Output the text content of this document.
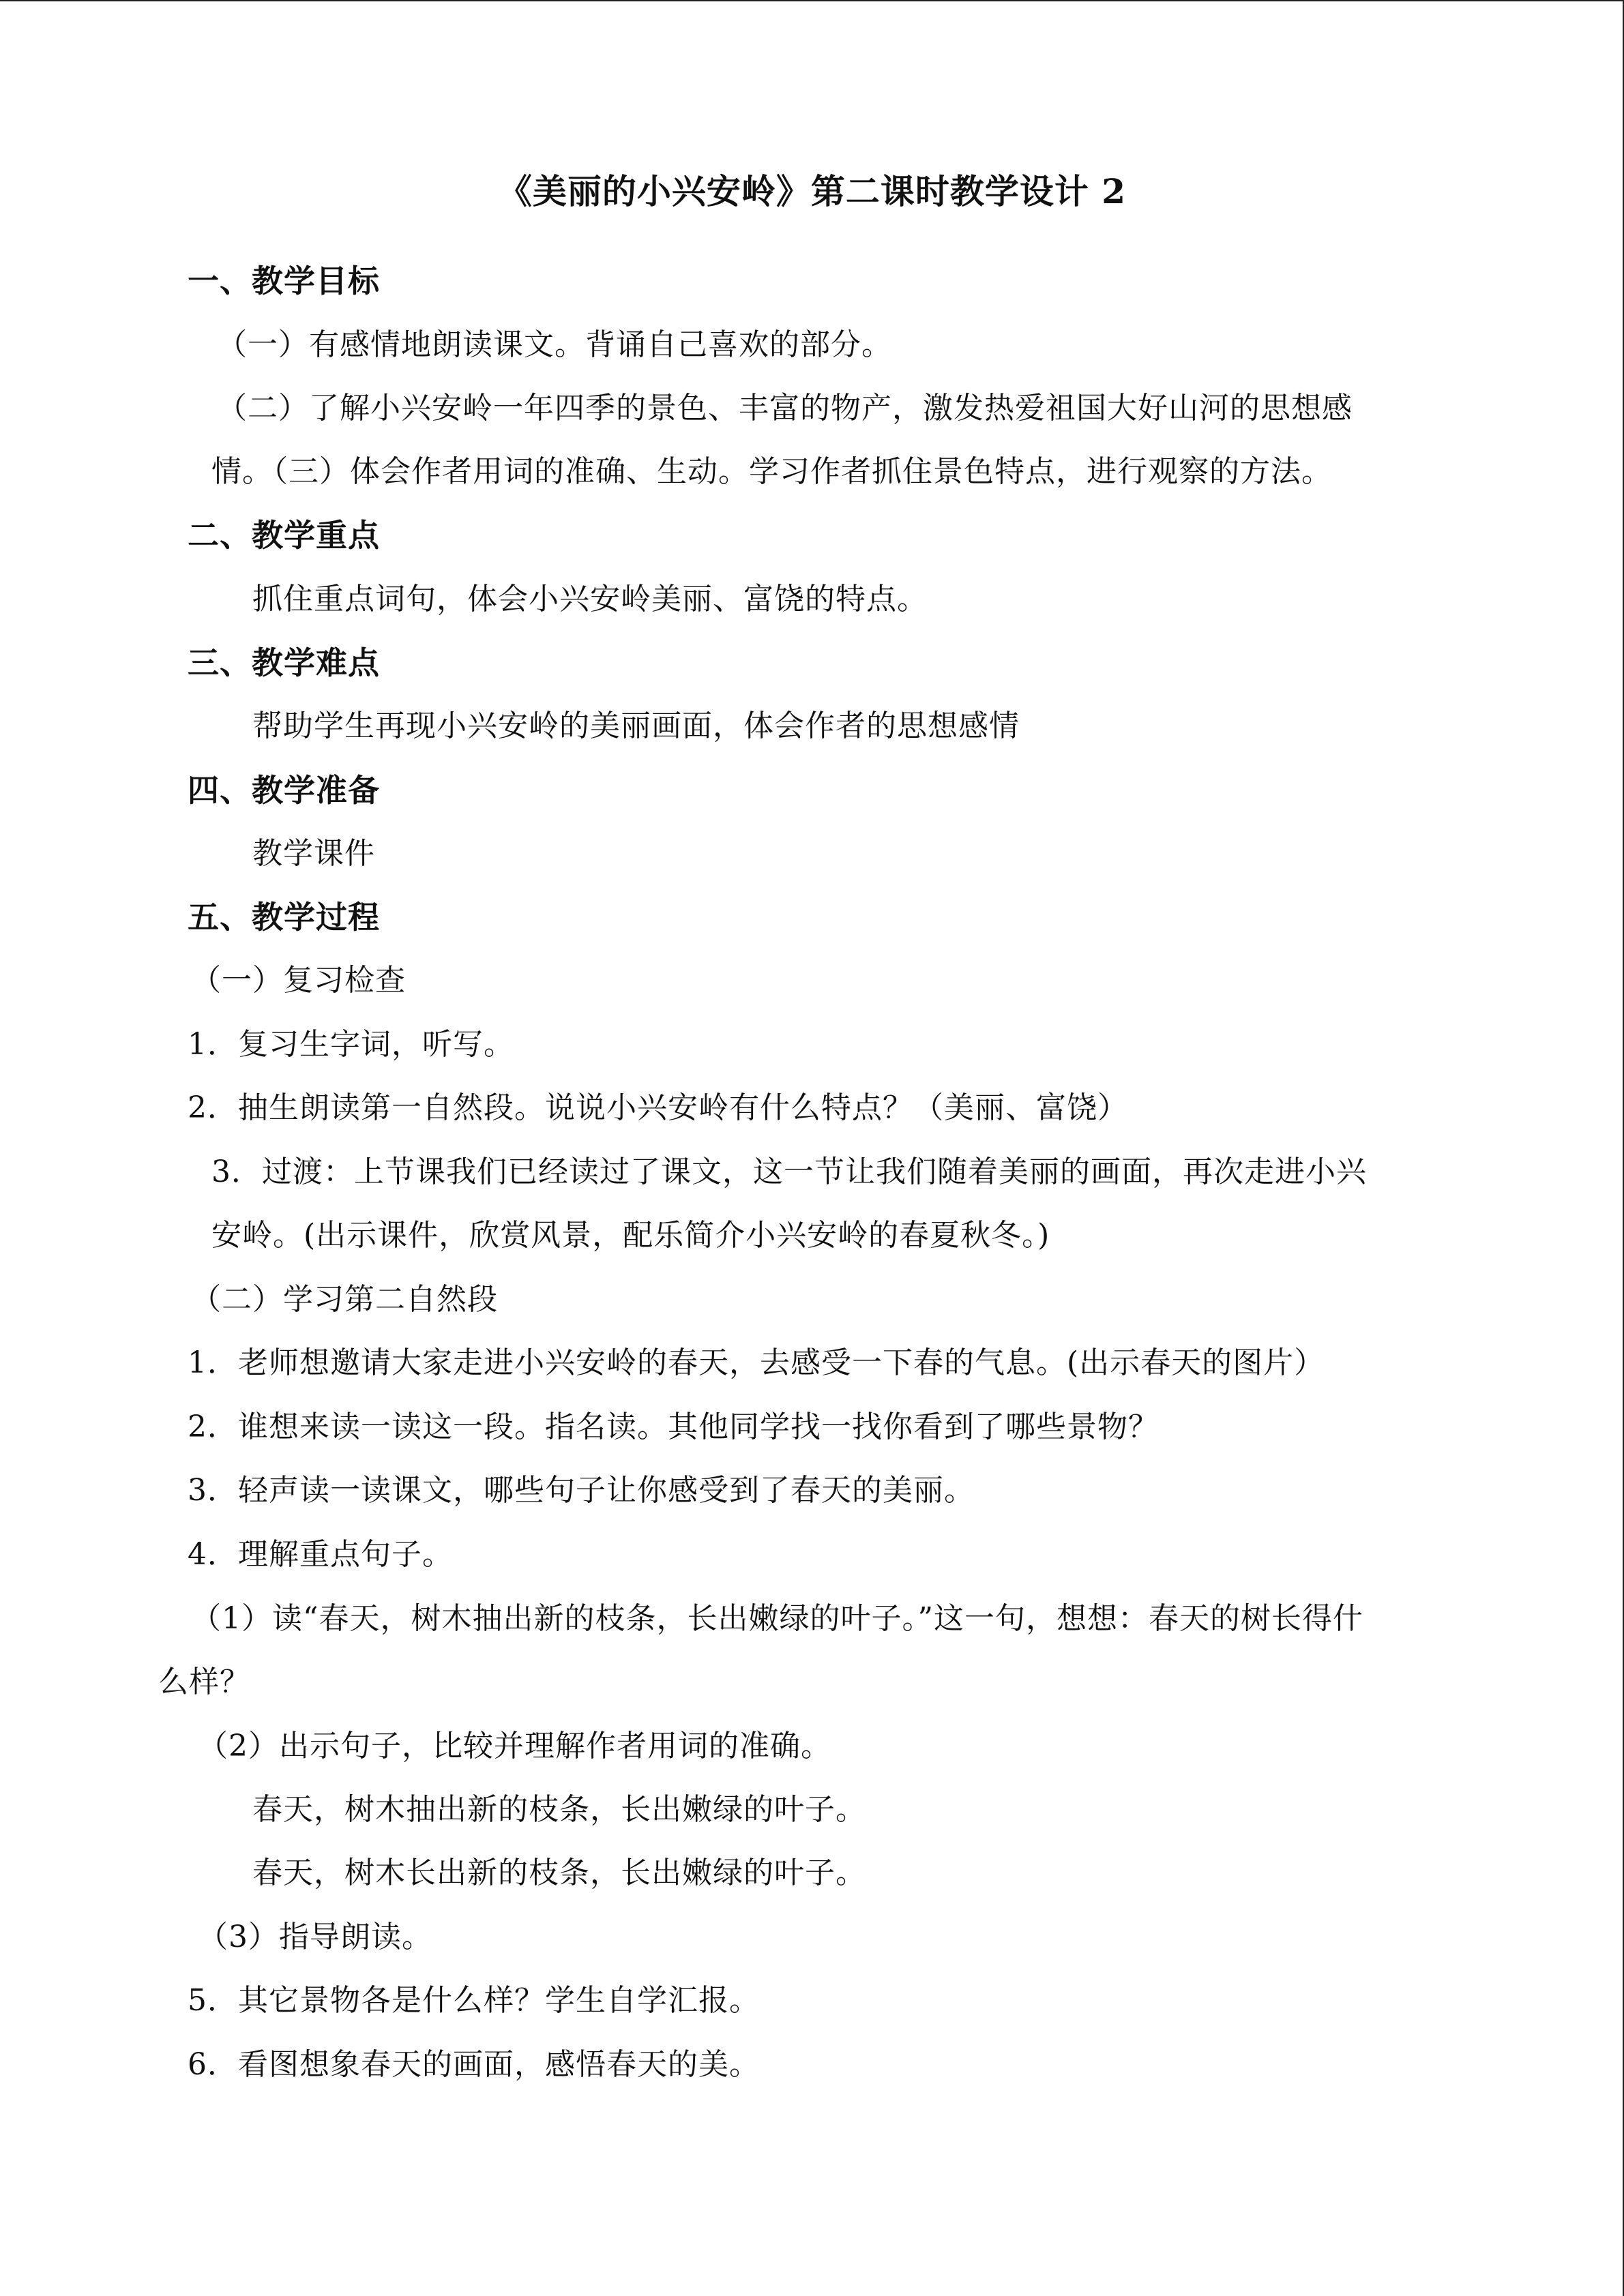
《美丽的小兴安岭》第二课时教学设计 2
一、教学目标
（一）有感情地朗读课文。背诵自己喜欢的部分。
（二）了解小兴安岭一年四季的景色、丰富的物产，激发热爱祖国大好山河的思想感
情。（三）体会作者用词的准确、生动。学习作者抓住景色特点，进行观察的方法。
二、教学重点
抓住重点词句，体会小兴安岭美丽、富饶的特点。
三、教学难点
帮助学生再现小兴安岭的美丽画面，体会作者的思想感情
四、教学准备
教学课件
五、教学过程
（一）复习检查
1．复习生字词，听写。
2．抽生朗读第一自然段。说说小兴安岭有什么特点？（美丽、富饶）
3．过渡：上节课我们已经读过了课文，这一节让我们随着美丽的画面，再次走进小兴
安岭。(出示课件，欣赏风景，配乐简介小兴安岭的春夏秋冬。)
（二）学习第二自然段
1．老师想邀请大家走进小兴安岭的春天，去感受一下春的气息。(出示春天的图片）
2．谁想来读一读这一段。指名读。其他同学找一找你看到了哪些景物？
3．轻声读一读课文，哪些句子让你感受到了春天的美丽。
4．理解重点句子。
（1）读“春天，树木抽出新的枝条，长出嫩绿的叶子。”这一句，想想：春天的树长得什
么样？
（2）出示句子，比较并理解作者用词的准确。
春天，树木抽出新的枝条，长出嫩绿的叶子。
春天，树木长出新的枝条，长出嫩绿的叶子。
（3）指导朗读。
5．其它景物各是什么样？学生自学汇报。
6．看图想象春天的画面，感悟春天的美。
